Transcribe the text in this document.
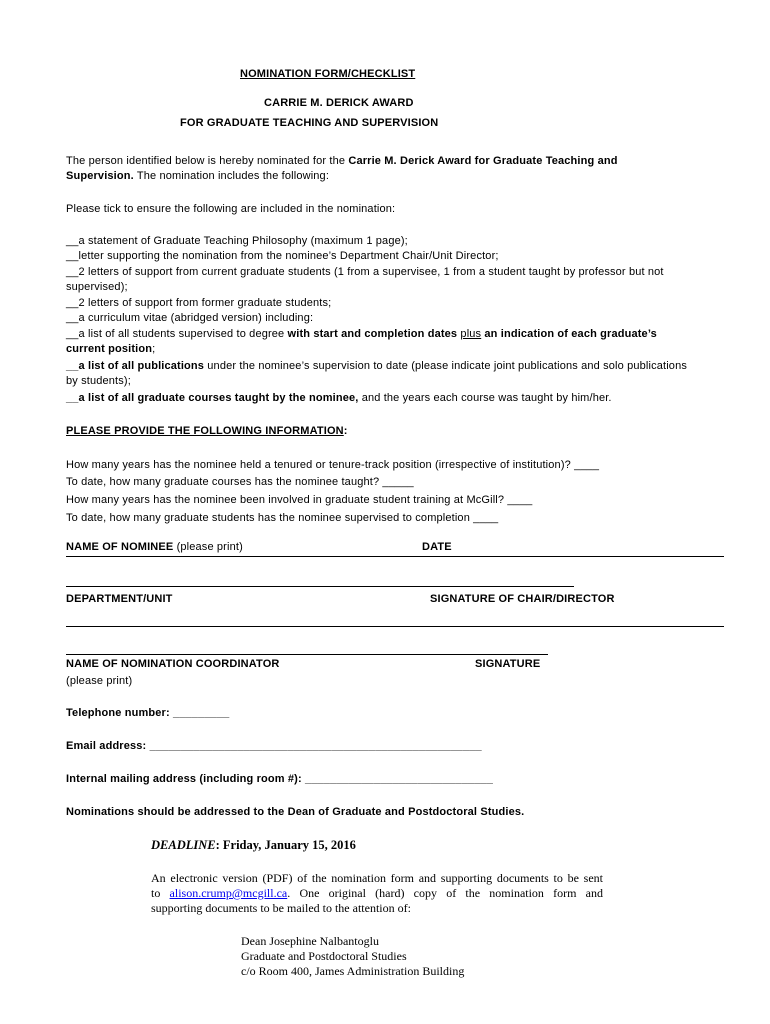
NOMINATION FORM/CHECKLIST
CARRIE M. DERICK AWARD
FOR GRADUATE TEACHING AND SUPERVISION
The person identified below is hereby nominated for the Carrie M. Derick Award for Graduate Teaching and
Supervision. The nomination includes the following:
Please tick to ensure the following are included in the nomination:
__a statement of Graduate Teaching Philosophy (maximum 1 page);
__letter supporting the nomination from the nominee’s Department Chair/Unit Director;
__2 letters of support from current graduate students (1 from a supervisee, 1 from a student taught by professor but not
supervised);
__2 letters of support from former graduate students;
__a curriculum vitae (abridged version) including:
__a list of all students supervised to degree with start and completion dates plus an indication of each graduate’s
current position;
__a list of all publications under the nominee’s supervision to date (please indicate joint publications and solo publications
by students);
__a list of all graduate courses taught by the nominee, and the years each course was taught by him/her.
PLEASE PROVIDE THE FOLLOWING INFORMATION:
How many years has the nominee held a tenured or tenure-track position (irrespective of institution)? ____
To date, how many graduate courses has the nominee taught? _____
How many years has the nominee been involved in graduate student training at McGill? ____
To date, how many graduate students has the nominee supervised to completion ____
NAME OF NOMINEE (please print)	DATE
DEPARTMENT/UNIT	SIGNATURE OF CHAIR/DIRECTOR
NAME OF NOMINATION COORDINATOR	SIGNATURE
(please print)
Telephone number: _________
Email address: _____________________________________________________
Internal mailing address (including room #): ______________________________
Nominations should be addressed to the Dean of Graduate and Postdoctoral Studies.
DEADLINE: Friday, January 15, 2016
An electronic version (PDF) of the nomination form and supporting documents to be sent
to alison.crump@mcgill.ca. One original (hard) copy of the nomination form and
supporting documents to be mailed to the attention of:
Dean Josephine Nalbantoglu
Graduate and Postdoctoral Studies
c/o Room 400, James Administration Building
